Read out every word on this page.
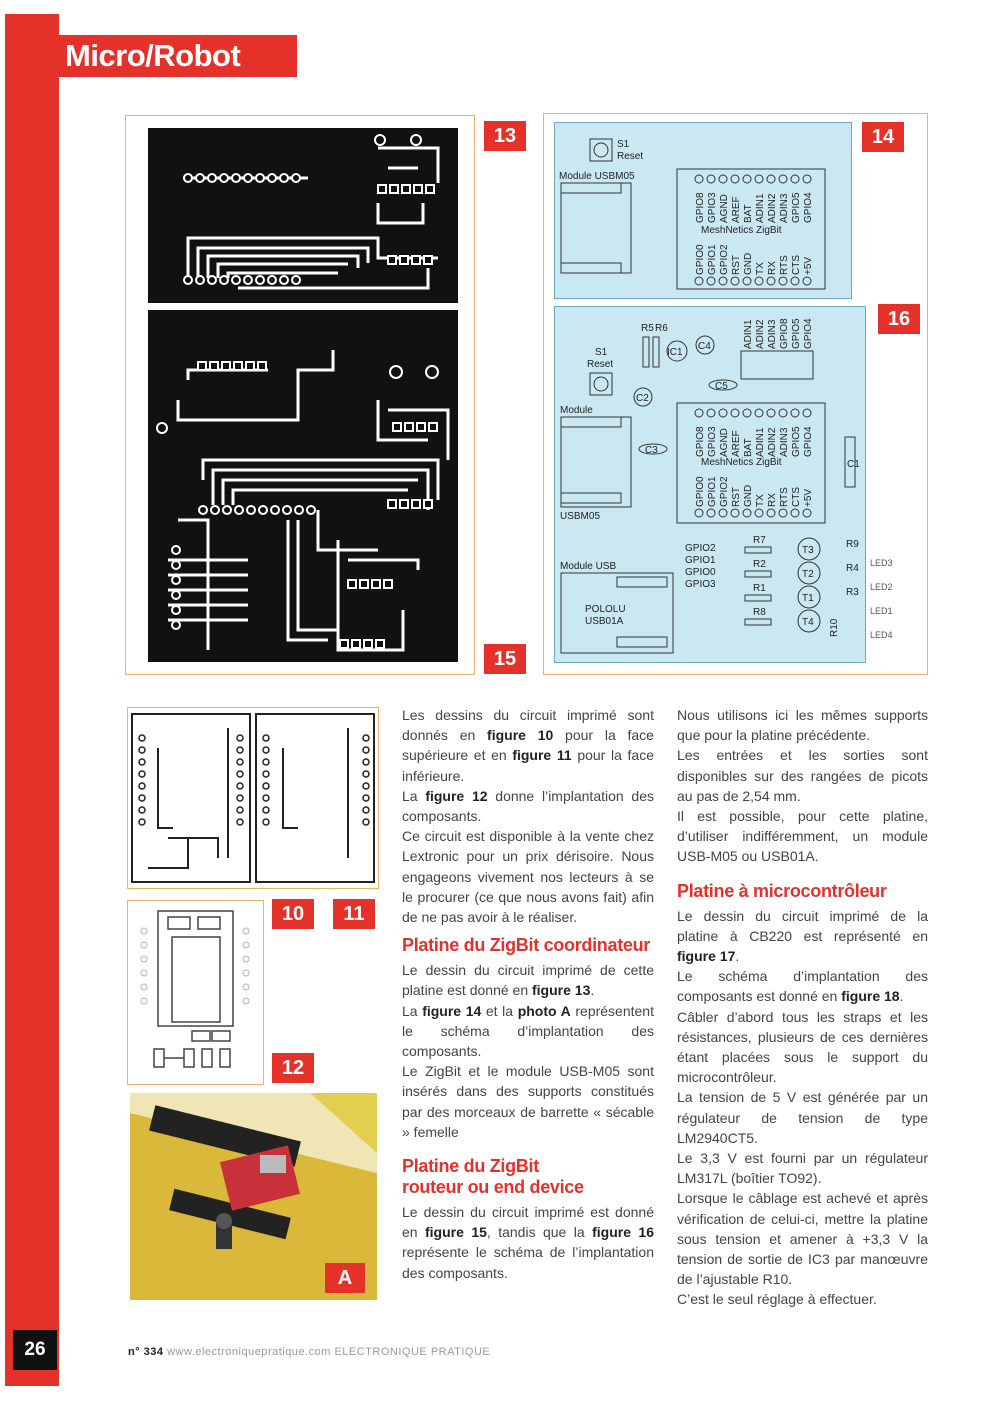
Micro/Robot
26
13
15
S1
Reset
Module USBM05
MeshNetics ZigBit
GPIO8 GPIO3 AGND AREF BAT ADIN1 ADIN2 ADIN3 GPIO5 GPIO4
GPIO0 GPIO1 GPIO2 RST GND TX RX RTS CTS +5V
S1
Reset
Module
USBM05
R5 R6
IC1
C4
C5
C2
C3
C1
MeshNetics ZigBit
Module USB
POLOLU
USB01A
GPIO2
GPIO1
GPIO0
GPIO3
R7
R2
R1
R8
T3
T2
T1
T4
R9
R4
R3
R10
GPIO8 GPIO3 AGND AREF BAT ADIN1 ADIN2 ADIN3 GPIO5 GPIO4
GPIO0 GPIO1 GPIO2 RST GND TX RX RTS CTS +5V
ADIN1 ADIN2 ADIN3 GPIO8 GPIO5 GPIO4
LED3
LED2
LED1
LED4
14
16
10	11
12
A

Les dessins du circuit imprimé sont donnés en figure 10 pour la face supérieure et en figure 11 pour la face inférieure.

La figure 12 donne l’implantation des composants.

Ce circuit est disponible à la vente chez Lextronic pour un prix dérisoire. Nous engageons vivement nos lecteurs à se le procurer (ce que nous avons fait) afin de ne pas avoir à le réaliser.

Platine du ZigBit coordinateur

Le dessin du circuit imprimé de cette platine est donné en figure 13.

La figure 14 et la photo A représentent le schéma d’implantation des composants.

Le ZigBit et le module USB-M05 sont insérés dans des supports constitués par des morceaux de barrette « sécable » femelle

Platine du ZigBit
routeur ou end device

Le dessin du circuit imprimé est donné en figure 15, tandis que la figure 16 représente le schéma de l’implantation des composants.

Nous utilisons ici les mêmes supports que pour la platine précédente.

Les entrées et les sorties sont disponibles sur des rangées de picots au pas de 2,54 mm.

Il est possible, pour cette platine, d’utiliser indifféremment, un module USB-M05 ou USB01A.

Platine à microcontrôleur

Le dessin du circuit imprimé de la platine à CB220 est représenté en figure 17.

Le schéma d’implantation des composants est donné en figure 18.

Câbler d’abord tous les straps et les résistances, plusieurs de ces dernières étant placées sous le support du microcontrôleur.

La tension de 5 V est générée par un régulateur de tension de type LM2940CT5.

Le 3,3 V est fourni par un régulateur LM317L (boîtier TO92).

Lorsque le câblage est achevé et après vérification de celui-ci, mettre la platine sous tension et amener à +3,3 V la tension de sortie de IC3 par manœuvre de l’ajustable R10.

C’est le seul réglage à effectuer.

n° 334 www.electroniquepratique.com ELECTRONIQUE PRATIQUE
